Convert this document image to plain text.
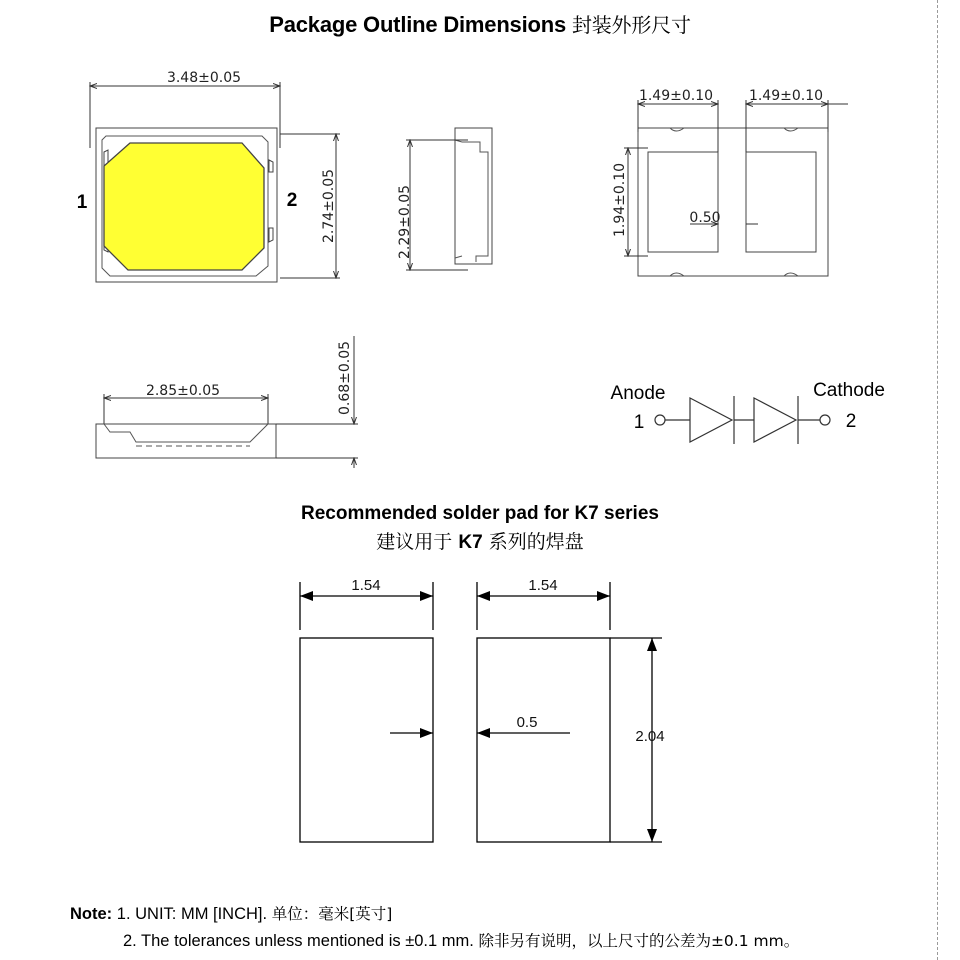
Package Outline Dimensions 封装外形尺寸
3.48±0.05
2.74±0.05
1	2	2.29±0.05
1.49±0.10	1.49±0.10
1.94±0.10	0.50
2.85±0.05	0.68±0.05	Anode	Cathode
1	2
1.54	1.54
0.5
2.04
Recommended solder pad for K7 series
建议用于 K7 系列的焊盘
Note: 1. UNIT: MM [INCH]. 单位：毫米[英寸]
2. The tolerances unless mentioned is ±0.1 mm. 除非另有说明，以上尺寸的公差为±0.1 mm。
